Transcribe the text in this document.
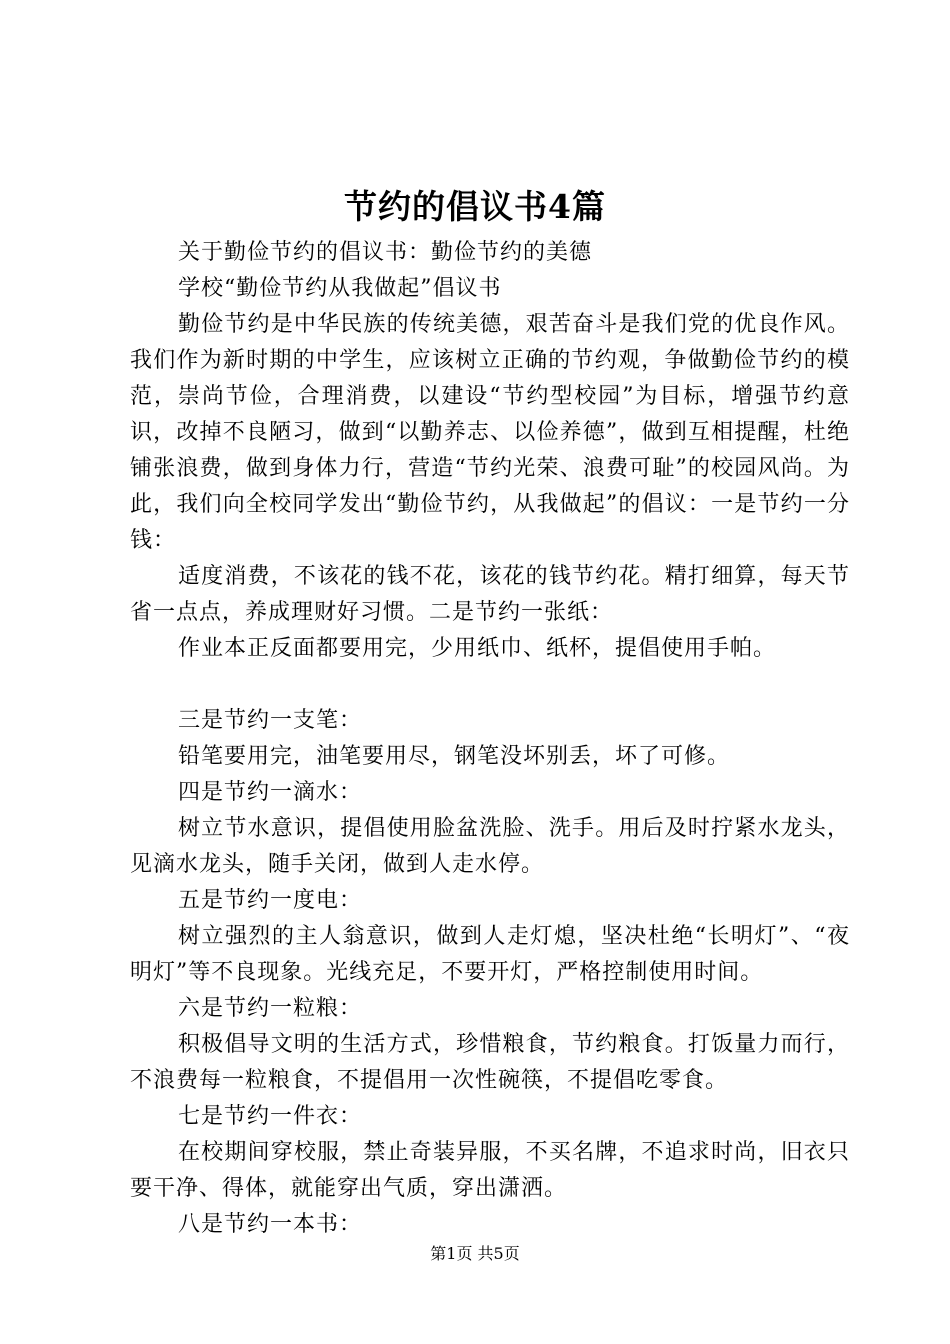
节约的倡议书4篇

关于勤俭节约的倡议书：勤俭节约的美德

学校“勤俭节约从我做起”倡议书

勤俭节约是中华民族的传统美德，艰苦奋斗是我们党的优良作风。我们作为新时期的中学生，应该树立正确的节约观，争做勤俭节约的模范，崇尚节俭，合理消费，以建设“节约型校园”为目标，增强节约意识，改掉不良陋习，做到“以勤养志、以俭养德”，做到互相提醒，杜绝铺张浪费，做到身体力行，营造“节约光荣、浪费可耻”的校园风尚。为此，我们向全校同学发出“勤俭节约，从我做起”的倡议：一是节约一分钱：

适度消费，不该花的钱不花，该花的钱节约花。精打细算，每天节省一点点，养成理财好习惯。二是节约一张纸：

作业本正反面都要用完，少用纸巾、纸杯，提倡使用手帕。

三是节约一支笔：

铅笔要用完，油笔要用尽，钢笔没坏别丢，坏了可修。

四是节约一滴水：

树立节水意识，提倡使用脸盆洗脸、洗手。用后及时拧紧水龙头，见滴水龙头，随手关闭，做到人走水停。

五是节约一度电：

树立强烈的主人翁意识，做到人走灯熄，坚决杜绝“长明灯”、“夜明灯”等不良现象。光线充足，不要开灯，严格控制使用时间。

六是节约一粒粮：

积极倡导文明的生活方式，珍惜粮食，节约粮食。打饭量力而行，不浪费每一粒粮食，不提倡用一次性碗筷，不提倡吃零食。

七是节约一件衣：

在校期间穿校服，禁止奇装异服，不买名牌，不追求时尚，旧衣只要干净、得体，就能穿出气质，穿出潇洒。

八是节约一本书：

第1页 共5页
